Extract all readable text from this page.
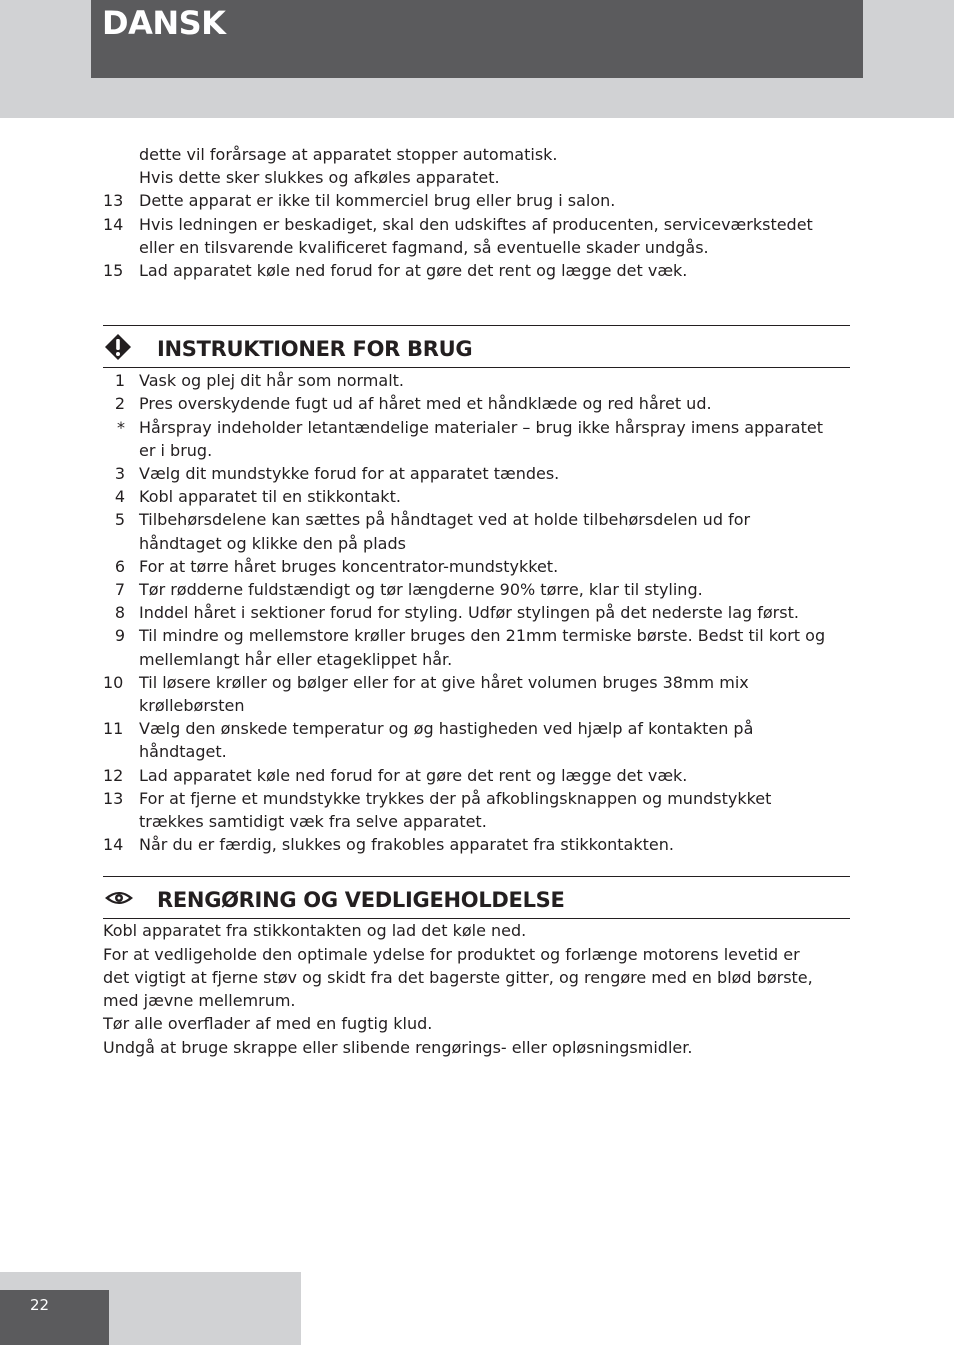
DANSK
dette vil forårsage at apparatet stopper automatisk.
Hvis dette sker slukkes og afkøles apparatet.
13 Dette apparat er ikke til kommerciel brug eller brug i salon.
14 Hvis ledningen er beskadiget, skal den udskiftes af producenten, serviceværkstedet
eller en tilsvarende kvalificeret fagmand, så eventuelle skader undgås.
15 Lad apparatet køle ned forud for at gøre det rent og lægge det væk.
INSTRUKTIONER FOR BRUG
1 Vask og plej dit hår som normalt.
2 Pres overskydende fugt ud af håret med et håndklæde og red håret ud.
* Hårspray indeholder letantændelige materialer – brug ikke hårspray imens apparatet
er i brug.
3 Vælg dit mundstykke forud for at apparatet tændes.
4 Kobl apparatet til en stikkontakt.
5 Tilbehørsdelene kan sættes på håndtaget ved at holde tilbehørsdelen ud for
håndtaget og klikke den på plads
6 For at tørre håret bruges koncentrator-mundstykket.
7 Tør rødderne fuldstændigt og tør længderne 90% tørre, klar til styling.
8 Inddel håret i sektioner forud for styling. Udfør stylingen på det nederste lag først.
9 Til mindre og mellemstore krøller bruges den 21mm termiske børste. Bedst til kort og
mellemlangt hår eller etageklippet hår.
10 Til løsere krøller og bølger eller for at give håret volumen bruges 38mm mix
krøllebørsten
11 Vælg den ønskede temperatur og øg hastigheden ved hjælp af kontakten på
håndtaget.
12 Lad apparatet køle ned forud for at gøre det rent og lægge det væk.
13 For at fjerne et mundstykke trykkes der på afkoblingsknappen og mundstykket
trækkes samtidigt væk fra selve apparatet.
14 Når du er færdig, slukkes og frakobles apparatet fra stikkontakten.
RENGØRING OG VEDLIGEHOLDELSE
Kobl apparatet fra stikkontakten og lad det køle ned.
For at vedligeholde den optimale ydelse for produktet og forlænge motorens levetid er
det vigtigt at fjerne støv og skidt fra det bagerste gitter, og rengøre med en blød børste,
med jævne mellemrum.
Tør alle overflader af med en fugtig klud.
Undgå at bruge skrappe eller slibende rengørings- eller opløsningsmidler.
22
